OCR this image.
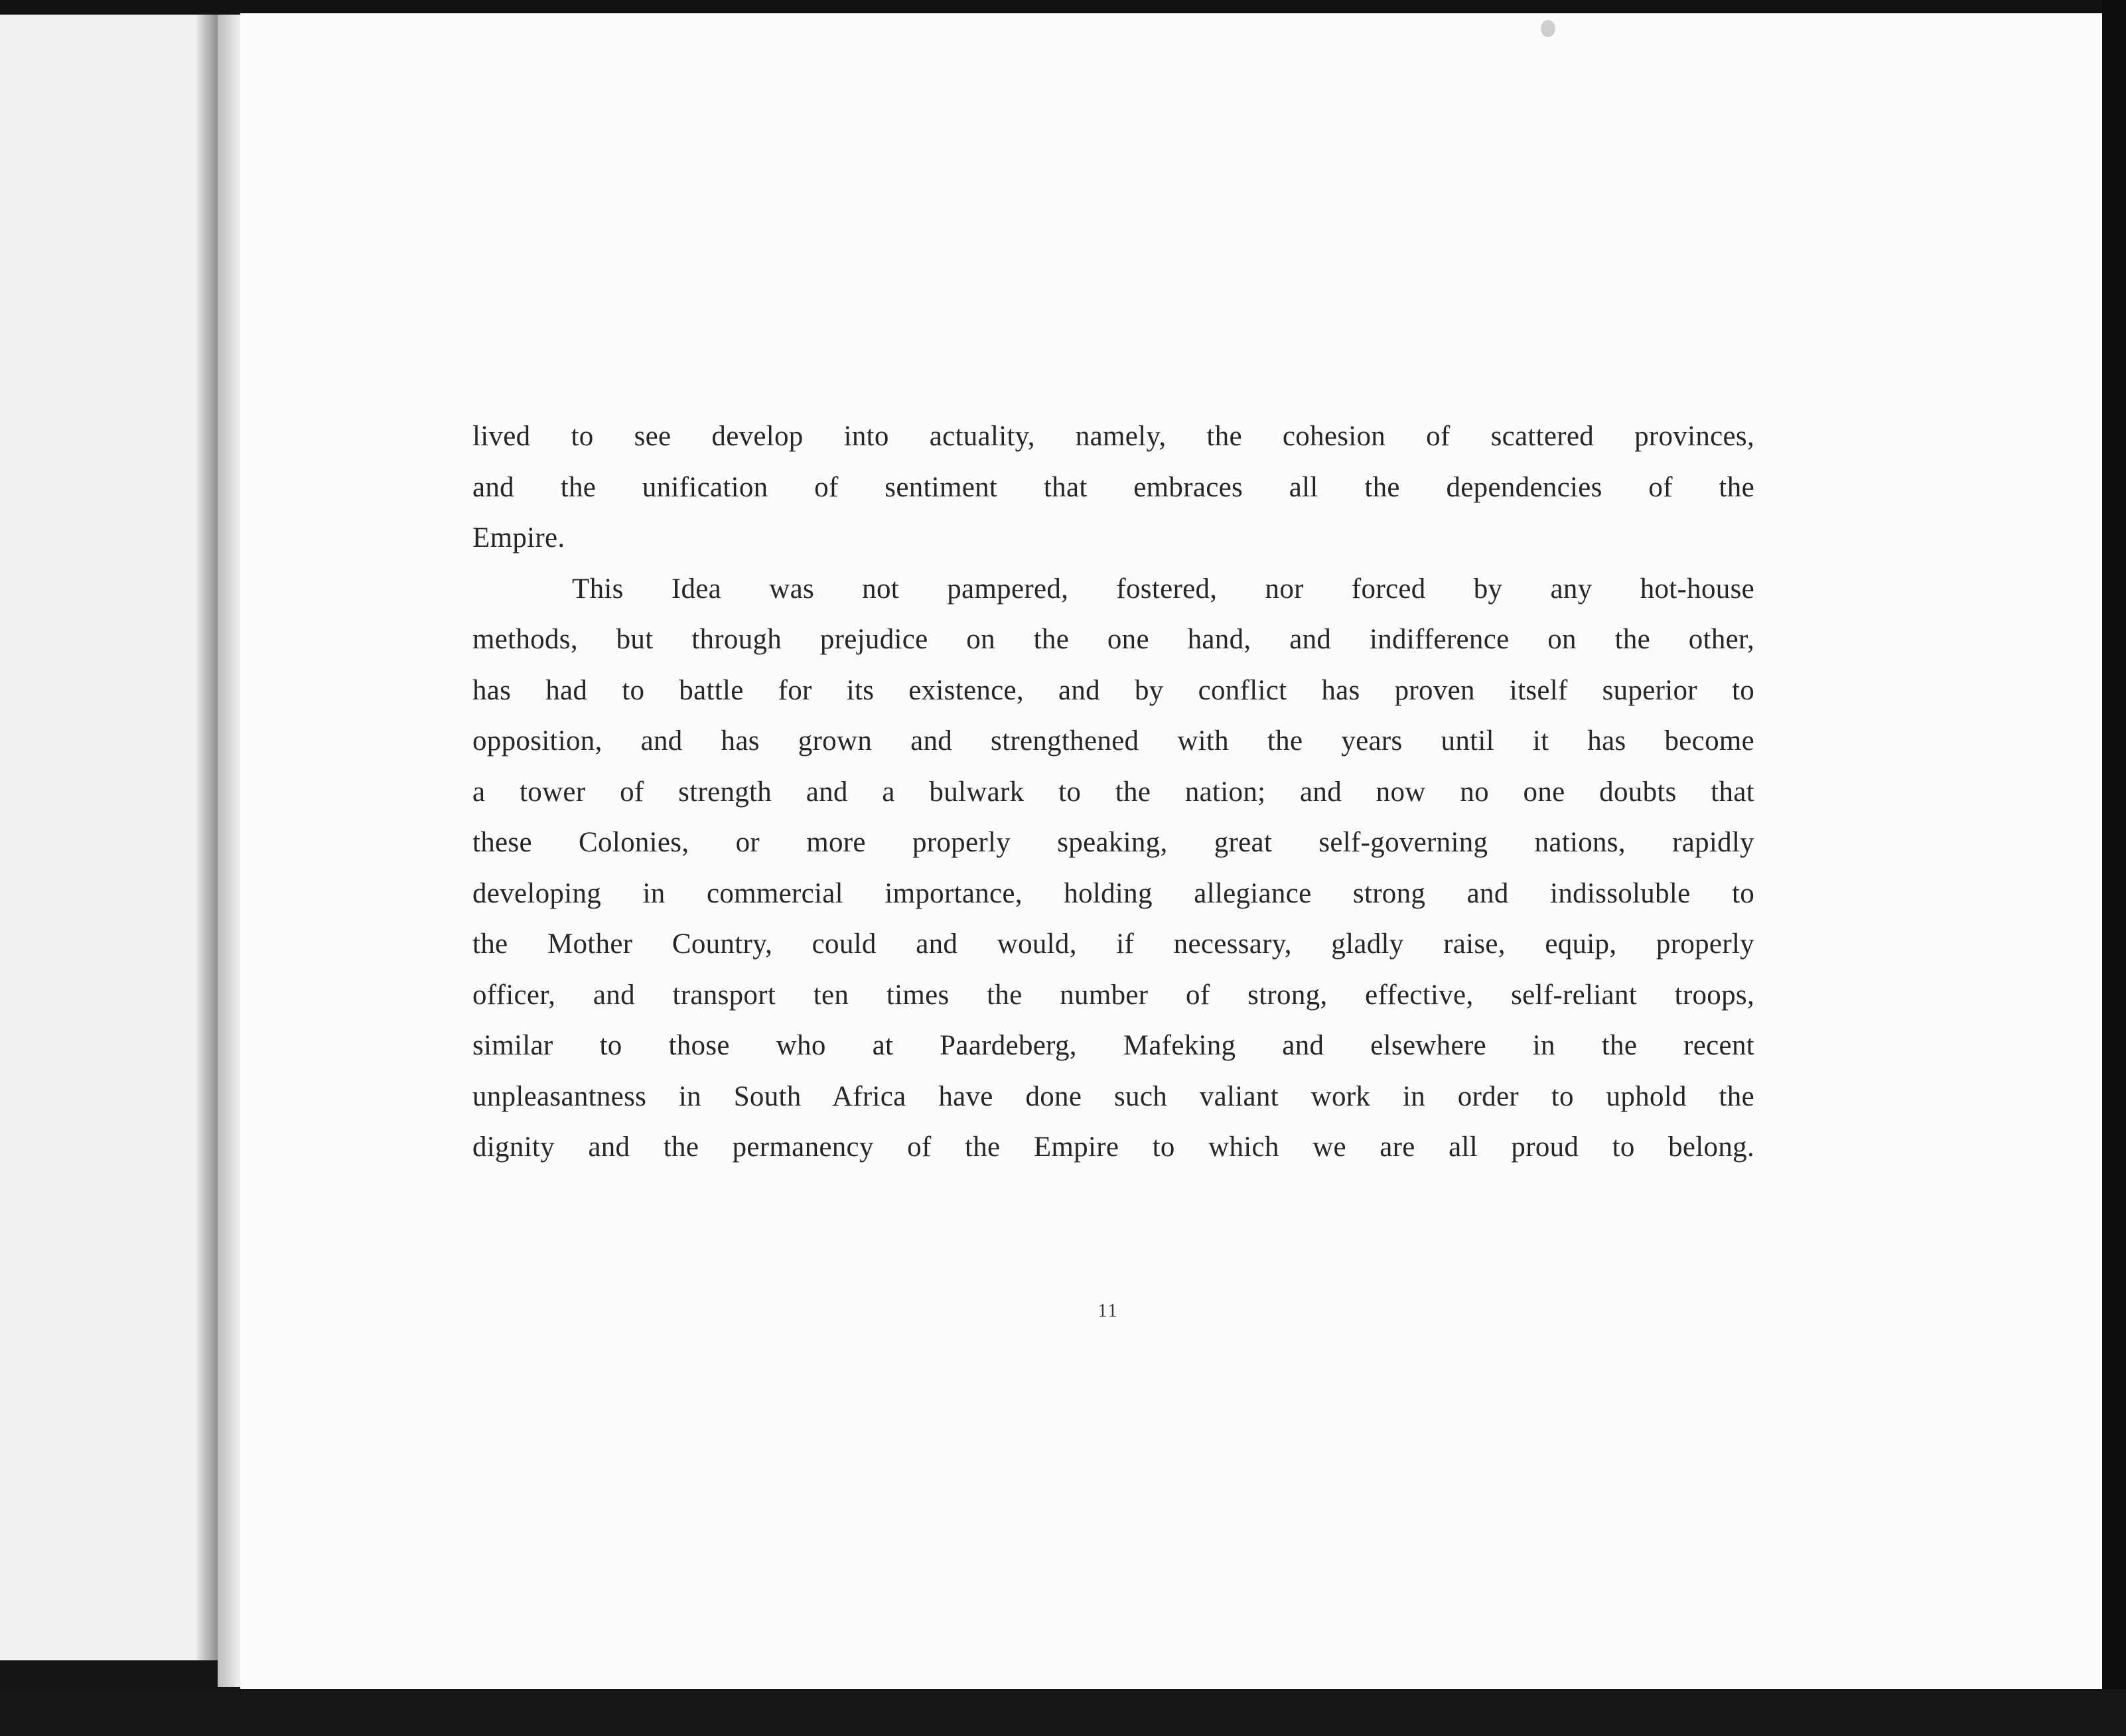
lived to see develop into actuality, namely, the cohesion of scattered provinces,
and the unification of sentiment that embraces all the dependencies of the
Empire.
This Idea was not pampered, fostered, nor forced by any hot-house
methods, but through prejudice on the one hand, and indifference on the other,
has had to battle for its existence, and by conflict has proven itself superior to
opposition, and has grown and strengthened with the years until it has become
a tower of strength and a bulwark to the nation; and now no one doubts that
these Colonies, or more properly speaking, great self-governing nations, rapidly
developing in commercial importance, holding allegiance strong and indissoluble to
the Mother Country, could and would, if necessary, gladly raise, equip, properly
officer, and transport ten times the number of strong, effective, self-reliant troops,
similar to those who at Paardeberg, Mafeking and elsewhere in the recent
unpleasantness in South Africa have done such valiant work in order to uphold the
dignity and the permanency of the Empire to which we are all proud to belong.
11
